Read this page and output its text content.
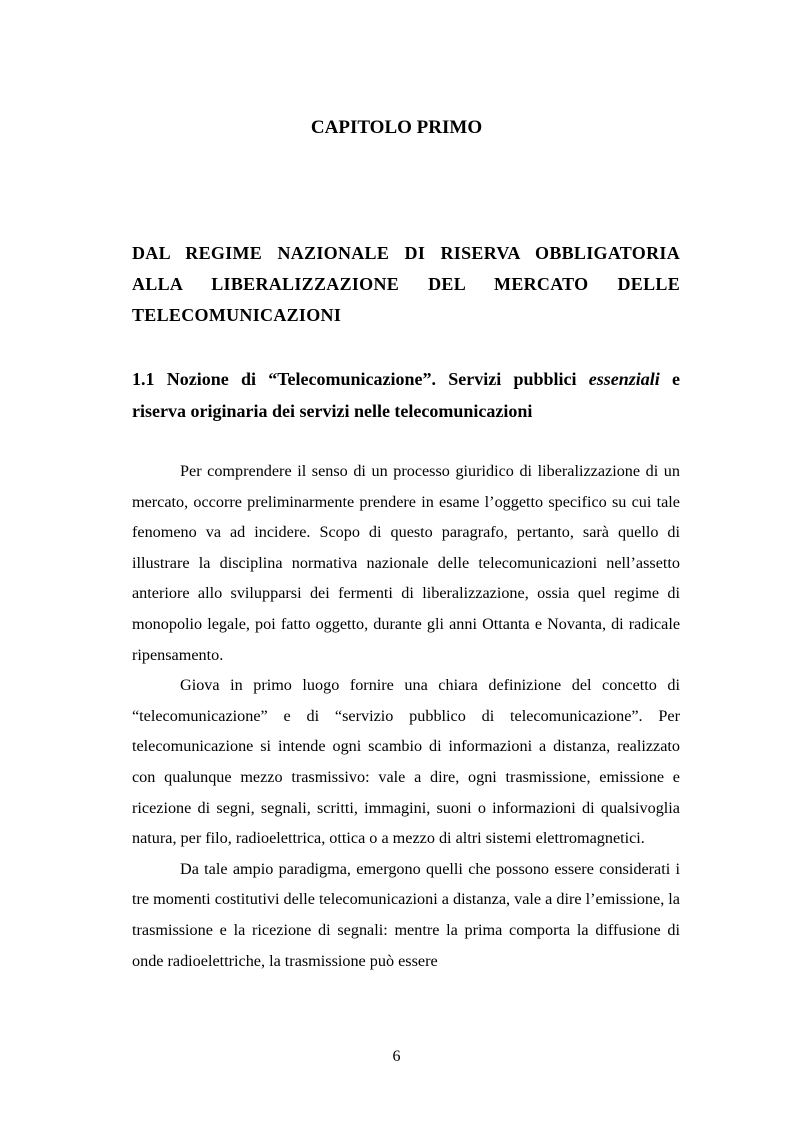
CAPITOLO PRIMO
DAL REGIME NAZIONALE DI RISERVA OBBLIGATORIA ALLA LIBERALIZZAZIONE DEL MERCATO DELLE TELECOMUNICAZIONI
1.1 Nozione di “Telecomunicazione”. Servizi pubblici essenziali e riserva originaria dei servizi nelle telecomunicazioni

Per comprendere il senso di un processo giuridico di liberalizzazione di un mercato, occorre preliminarmente prendere in esame l’oggetto specifico su cui tale fenomeno va ad incidere. Scopo di questo paragrafo, pertanto, sarà quello di illustrare la disciplina normativa nazionale delle telecomunicazioni nell’assetto anteriore allo svilupparsi dei fermenti di liberalizzazione, ossia quel regime di monopolio legale, poi fatto oggetto, durante gli anni Ottanta e Novanta, di radicale ripensamento.

Giova in primo luogo fornire una chiara definizione del concetto di “telecomunicazione” e di “servizio pubblico di telecomunicazione”. Per telecomunicazione si intende ogni scambio di informazioni a distanza, realizzato con qualunque mezzo trasmissivo: vale a dire, ogni trasmissione, emissione e ricezione di segni, segnali, scritti, immagini, suoni o informazioni di qualsivoglia natura, per filo, radioelettrica, ottica o a mezzo di altri sistemi elettromagnetici.

Da tale ampio paradigma, emergono quelli che possono essere considerati i tre momenti costitutivi delle telecomunicazioni a distanza, vale a dire l’emissione, la trasmissione e la ricezione di segnali: mentre la prima comporta la diffusione di onde radioelettriche, la trasmissione può essere

6
